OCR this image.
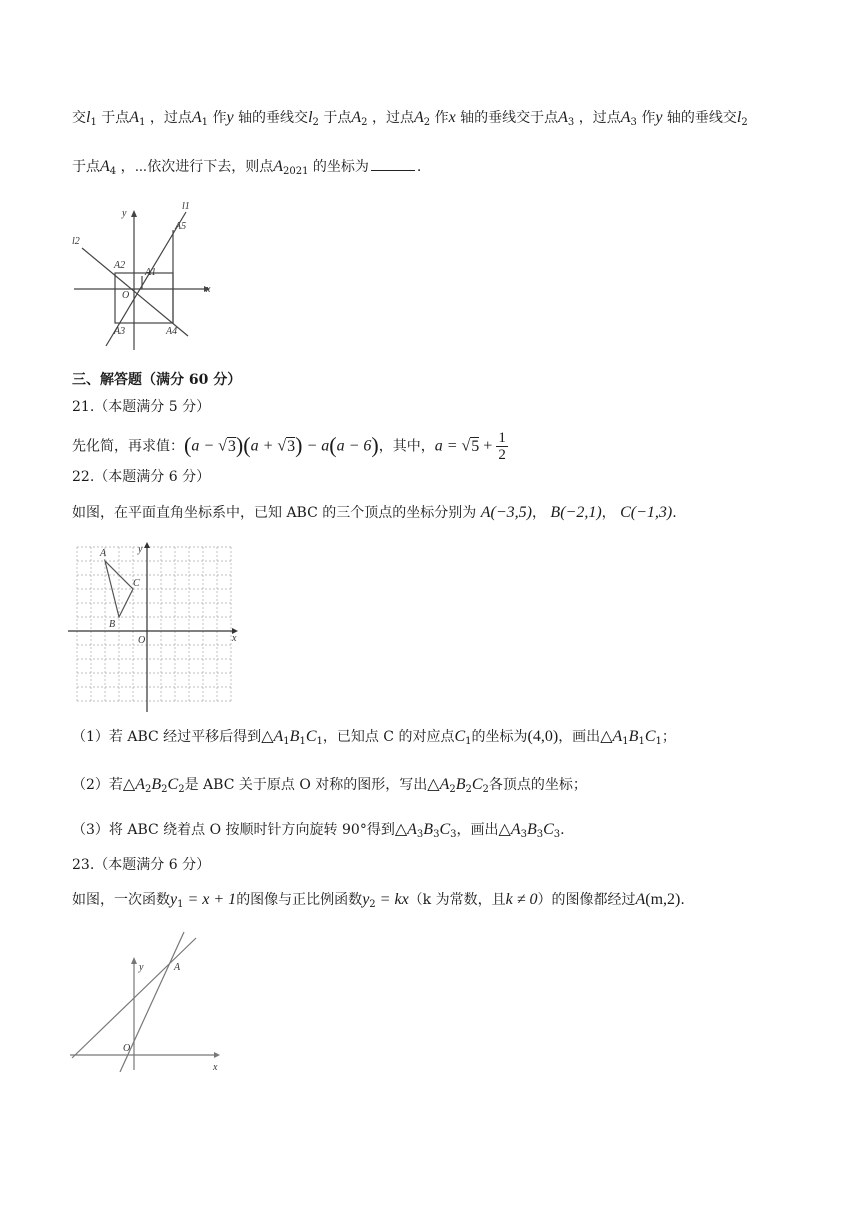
交$l_1$ 于点$A_1$ ，过点$A_1$ 作y 轴的垂线交$l_2$ 于点$A_2$ ，过点$A_2$ 作x 轴的垂线交于点$A_3$ ，过点$A_3$ 作y 轴的垂线交$l_2$
于点$A_4$ ，⋯依次进行下去，则点$A_{2021}$ 的坐标为	.
y
x
l1
l2
A1
A2
A3	A4
A5
O
三、解答题（满分 60 分）
21.（本题满分 5 分）
先化简，再求值：(a − √3)(a + √3) − a(a − 6)，其中，$a = √5 + \frac{1}{2}$
22.（本题满分 6 分）
如图，在平面直角坐标系中，已知 ABC 的三个顶点的坐标分别为 A(−3,5)， B(−2,1)， C(−1,3).
A
B
C
O	x
y
（1）若 ABC 经过平移后得到$\triangle A_1B_1C_1$，已知点 C 的对应点$C_1$的坐标为(4,0)，画出$\triangle A_1B_1C_1$；
（2）若$\triangle A_2B_2C_2$是 ABC 关于原点 O 对称的图形，写出$\triangle A_2B_2C_2$各顶点的坐标；
（3）将 ABC 绕着点 O 按顺时针方向旋转 90°得到$\triangle A_3B_3C_3$，画出$\triangle A_3B_3C_3$.
23.（本题满分 6 分）
如图，一次函数$y_1 = x + 1$的图像与正比例函数$y_2 = kx(k$ 为常数，且k ≠ 0）的图像都经过A(m,2).
y	A
O
x
